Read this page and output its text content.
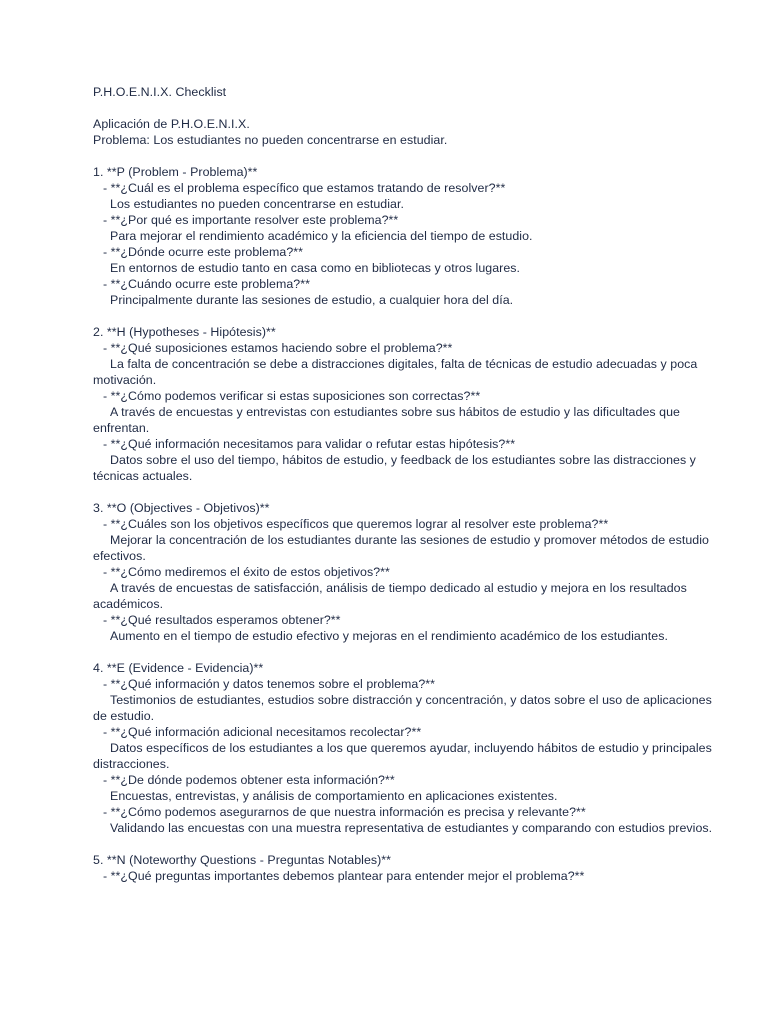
P.H.O.E.N.I.X. Checklist

Aplicación de P.H.O.E.N.I.X.

Problema: Los estudiantes no pueden concentrarse en estudiar.

1. **P (Problem - Problema)**

- **¿Cuál es el problema específico que estamos tratando de resolver?**

Los estudiantes no pueden concentrarse en estudiar.

- **¿Por qué es importante resolver este problema?**

Para mejorar el rendimiento académico y la eficiencia del tiempo de estudio.

- **¿Dónde ocurre este problema?**

En entornos de estudio tanto en casa como en bibliotecas y otros lugares.

- **¿Cuándo ocurre este problema?**

Principalmente durante las sesiones de estudio, a cualquier hora del día.

2. **H (Hypotheses - Hipótesis)**

- **¿Qué suposiciones estamos haciendo sobre el problema?**

La falta de concentración se debe a distracciones digitales, falta de técnicas de estudio adecuadas y poca motivación.

- **¿Cómo podemos verificar si estas suposiciones son correctas?**

A través de encuestas y entrevistas con estudiantes sobre sus hábitos de estudio y las dificultades que enfrentan.

- **¿Qué información necesitamos para validar o refutar estas hipótesis?**

Datos sobre el uso del tiempo, hábitos de estudio, y feedback de los estudiantes sobre las distracciones y técnicas actuales.

3. **O (Objectives - Objetivos)**

- **¿Cuáles son los objetivos específicos que queremos lograr al resolver este problema?**

Mejorar la concentración de los estudiantes durante las sesiones de estudio y promover métodos de estudio efectivos.

- **¿Cómo mediremos el éxito de estos objetivos?**

A través de encuestas de satisfacción, análisis de tiempo dedicado al estudio y mejora en los resultados académicos.

- **¿Qué resultados esperamos obtener?**

Aumento en el tiempo de estudio efectivo y mejoras en el rendimiento académico de los estudiantes.

4. **E (Evidence - Evidencia)**

- **¿Qué información y datos tenemos sobre el problema?**

Testimonios de estudiantes, estudios sobre distracción y concentración, y datos sobre el uso de aplicaciones de estudio.

- **¿Qué información adicional necesitamos recolectar?**

Datos específicos de los estudiantes a los que queremos ayudar, incluyendo hábitos de estudio y principales distracciones.

- **¿De dónde podemos obtener esta información?**

Encuestas, entrevistas, y análisis de comportamiento en aplicaciones existentes.

- **¿Cómo podemos asegurarnos de que nuestra información es precisa y relevante?**

Validando las encuestas con una muestra representativa de estudiantes y comparando con estudios previos.

5. **N (Noteworthy Questions - Preguntas Notables)**

- **¿Qué preguntas importantes debemos plantear para entender mejor el problema?**
